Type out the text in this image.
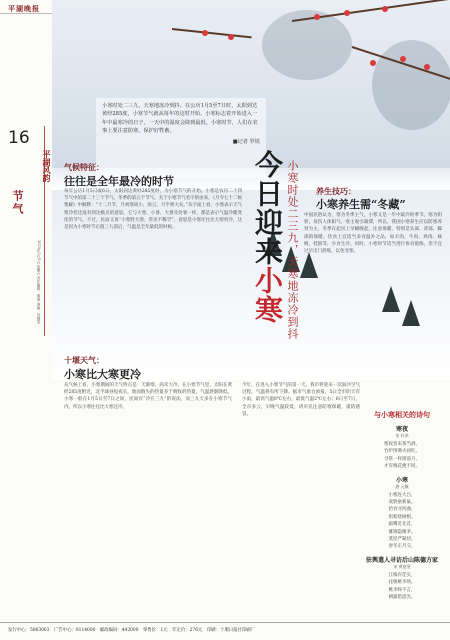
平湖晚报
16
平湖风韵
节气
2019年1月5日 星期六 责任编辑：秦瑜 美编：吴晓雯
小寒时处二三九，天寒地冻冷到抖。在公历1月5至7日时，太阳到达黄经285度，小寒节气就从每年的这时开始。小寒标志着开始进入一年中最寒冷的日子，一天中的温度会降到最低。小寒时节，人们在农事上要注意防寒，保护好牲畜。
■记者 罗锐
今日迎来小寒 小寒时处二三九，天寒地冻冷到抖
气候特征：
往往是全年最冷的时节
每年公历1月5日或6日，太阳到达黄经285度时，为小寒节气的开始。小寒是农历二十四节气中的第二十三个节气，冬季的第五个节气。关于小寒节气名字的由来，《月令七十二候集解》中解释：“十二月节，月初寒尚小，故云，月半则大矣。”从字面上看，小寒表示天气寒冷但还没有到达极点的意思。它与大寒、小暑、大暑及处暑一样，都是表示气温冷暖变化的节气。不过，民谚又说“小寒胜大寒，常见不稀罕”，意思是小寒往往比大寒更冷，这是因为小寒时节正值三九前后，气温是全年最低的时候。
养生技巧：
小寒养生需“冬藏”
中国民俗认为，寒为冬季主气，小寒又是一年中最冷的季节。寒为阴邪，易伤人体阳气。寒主收引凝滞，所以，我国小寒养生应以防寒养肾为主，冬季在起居上早睡晚起，注意保暖，特别是头部、背部、脚部的保暖。饮食上宜适当多食温补之品，如羊肉、牛肉、鸡肉、核桃、桂圆等，少食生冷。同时，小寒时节适当进行体育锻炼，但不宜过早出门晨练，以免受寒。
十堰天气：
小寒比大寒更冷
从气候上看，小寒期间的天气特点是：天渐寒，尚未大冷。在小寒节气里，太阳在黄经285度附近，北半球昼短夜长，地面散失的热量多于吸收的热量，气温逐渐降低。小寒一般在1月5日至7日之间，民间有“冷在三九”的说法，而三九天多在小寒节气内，所以小寒往往比大寒还冷。
今年，在进入小寒节气的第一天，我市将迎来一次弱冷空气过程，气温将有所下降。据市气象台预报，5日全市阴天有小雨，最高气温8℃左右，最低气温2℃左右；6日至7日，全市多云，早晚气温较低，请市民注意防寒保暖，谨防感冒。	与小寒相关的诗句
寒夜
宋 杜耒
寒夜客来茶当酒，
竹炉汤沸火初红。
寻常一样窗前月，
才有梅花便不同。
小寒
唐 元稹
小寒连大吕，
欢鹊垒新巢。
拾食寻河曲，
衔紫绕树梢。
霜鹰近北首，
雊雉隐聚茅。
莫怪严凝切，
春冬正月交。
驻舆遣人寻访后山陈德方家
宋 黄庭坚
江梅有佳实，
托根桃李场。
桃李终不言，
朝露借恩光。
发行中心：5063063　广告中心：8114000　邮政编码：442000　零售价：1元　年定价：276元　印刷：十堰日报社印刷厂
